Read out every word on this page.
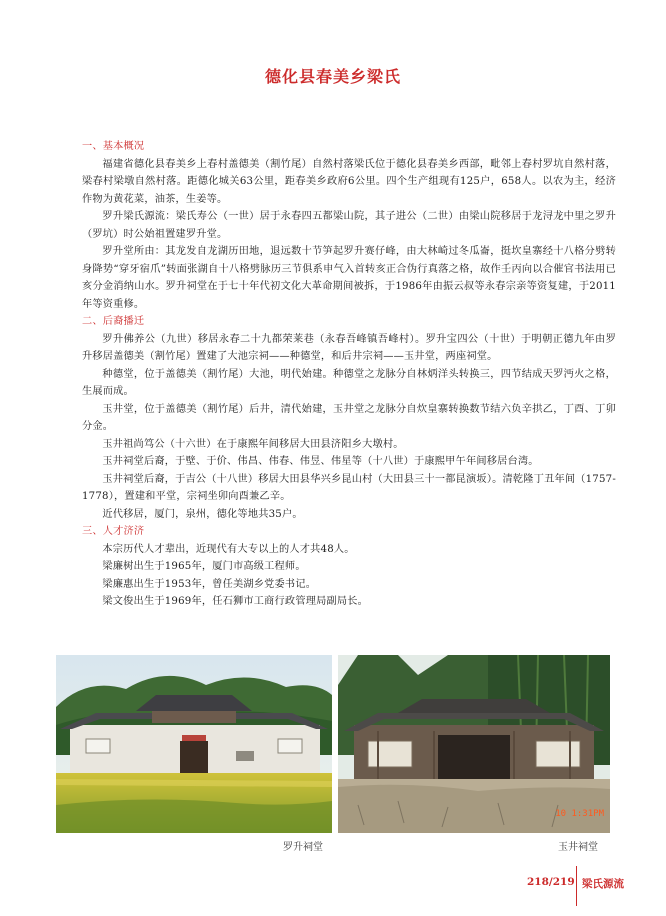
德化县春美乡梁氏
一、基本概况
福建省德化县春美乡上春村盖德美（割竹尾）自然村落梁氏位于德化县春美乡西部，毗邻上春村罗坑自然村落，梁春村梁墩自然村落。距德化城关63公里，距春美乡政府6公里。四个生产组现有125户，658人。以农为主，经济作物为黄花菜，油茶，生姜等。
罗升梁氏源流：梁氏寿公（一世）居于永春四五都梁山院，其子进公（二世）由梁山院移居于龙浔龙中里之罗升（罗坑）时公始祖置建罗升堂。
罗升堂所由：其龙发自龙湖历田地，退远数十节笋起罗升赛仔峰，由大林崎过冬瓜崙，挺坎皇寨经十八格分劈转身降势“穿牙宿爪”转面张湖自十八格劈脉历三节俱系申气入首转亥正合伪行真落之格，故作壬丙向以合催官书法用已亥分金消纳山水。罗升祠堂在于七十年代初文化大革命期间被拆，于1986年由振云叔等永春宗亲等资复建，于2011年等资重修。
二、后裔播迁
罗升佛养公（九世）移居永春二十九都荣莱巷（永春吾峰镇吾峰村）。罗升宝四公（十世）于明朝正德九年由罗升移居盖德美（割竹尾）置建了大池宗祠——种德堂，和后井宗祠——玉井堂，两座祠堂。
种德堂，位于盖德美（割竹尾）大池，明代始建。种德堂之龙脉分自林炳洋头转换三，四节结成天罗沔火之格，生展而成。
玉井堂，位于盖德美（割竹尾）后井，清代始建，玉井堂之龙脉分自炊皇寨转换数节结六负辛拱乙，丁酉、丁卯分金。
玉井祖尚笃公（十六世）在于康熙年间移居大田县济阳乡大墩村。
玉井祠堂后裔，于壁、于价、伟昌、伟春、伟昱、伟星等（十八世）于康熙甲午年间移居台湾。
玉井祠堂后裔，于吉公（十八世）移居大田县华兴乡昆山村（大田县三十一都昆演坂）。清乾隆丁丑年间（1757-1778），置建和平堂，宗祠坐卯向酉兼乙辛。
近代移居，厦门，泉州，德化等地共35户。
三、人才济济
本宗历代人才辈出，近现代有大专以上的人才共48人。
梁廉树出生于1965年，厦门市高级工程师。
梁廉惠出生于1953年，曾任美湖乡党委书记。
梁文俊出生于1969年，任石狮市工商行政管理局副局长。
罗升祠堂
10 1:31PM
玉井祠堂
218/219 梁氏源流
